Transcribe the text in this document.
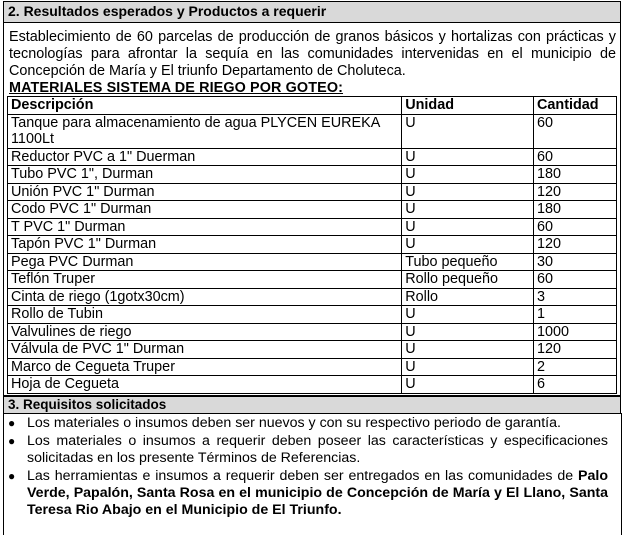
2. Resultados esperados y Productos a requerir
Establecimiento de 60 parcelas de producción de granos básicos y hortalizas con prácticas y
tecnologías para afrontar la sequía en las comunidades intervenidas en el municipio de
Concepción de María y El triunfo Departamento de Choluteca.
MATERIALES SISTEMA DE RIEGO POR GOTEO:
Descripción	Unidad	Cantidad
Tanque para almacenamiento de agua PLYCEN EUREKA 1100Lt	U	60
Reductor PVC a 1" Duerman	U	60
Tubo PVC 1", Durman	U	180
Unión PVC 1" Durman	U	120
Codo PVC 1" Durman	U	180
T PVC 1" Durman	U	60
Tapón PVC 1" Durman	U	120
Pega PVC Durman	Tubo pequeño	30
Teflón Truper	Rollo pequeño	60
Cinta de riego (1gotx30cm)	Rollo	3
Rollo de Tubin	U	1
Valvulines de riego	U	1000
Válvula de PVC 1" Durman	U	120
Marco de Cegueta Truper	U	2
Hoja de Cegueta	U	6
3. Requisitos solicitados
● Los materiales o insumos deben ser nuevos y con su respectivo periodo de garantía.
● Los materiales o insumos a requerir deben poseer las características y especificaciones solicitadas en los presente Términos de Referencias.
● Las herramientas e insumos a requerir deben ser entregados en las comunidades de Palo Verde, Papalón, Santa Rosa en el municipio de Concepción de María y El Llano, Santa Teresa Rio Abajo en el Municipio de El Triunfo.
